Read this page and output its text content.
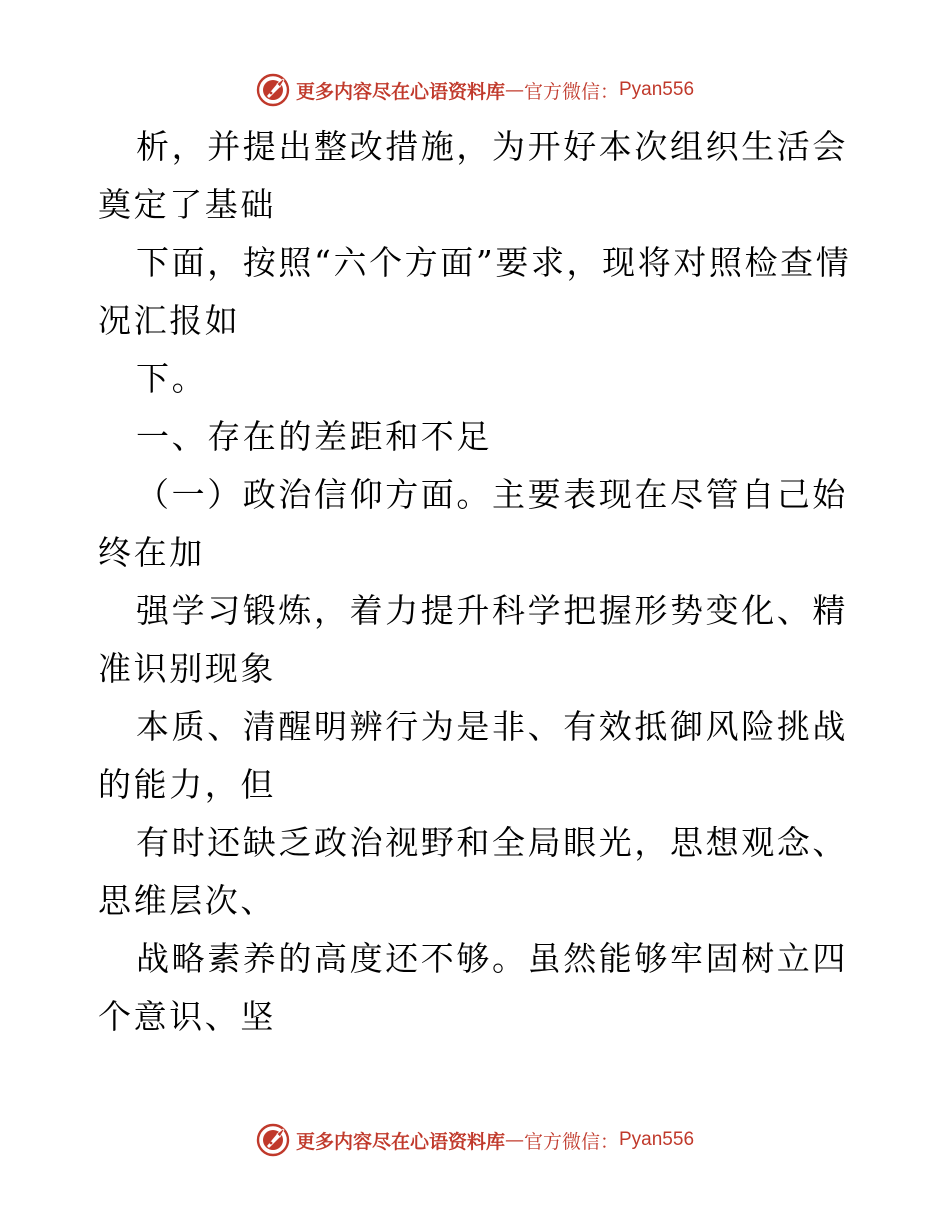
更多内容尽在心语资料库 — 官方微信： Pyan556

析，并提出整改措施，为开好本次组织生活会奠定了基础

下面，按照“六个方面”要求，现将对照检查情况汇报如

下。

一、存在的差距和不足

（一）政治信仰方面。主要表现在尽管自己始终在加

强学习锻炼，着力提升科学把握形势变化、精准识别现象

本质、清醒明辨行为是非、有效抵御风险挑战的能力，但

有时还缺乏政治视野和全局眼光，思想观念、思维层次、

战略素养的高度还不够。虽然能够牢固树立四个意识、坚

更多内容尽在心语资料库 — 官方微信： Pyan556
